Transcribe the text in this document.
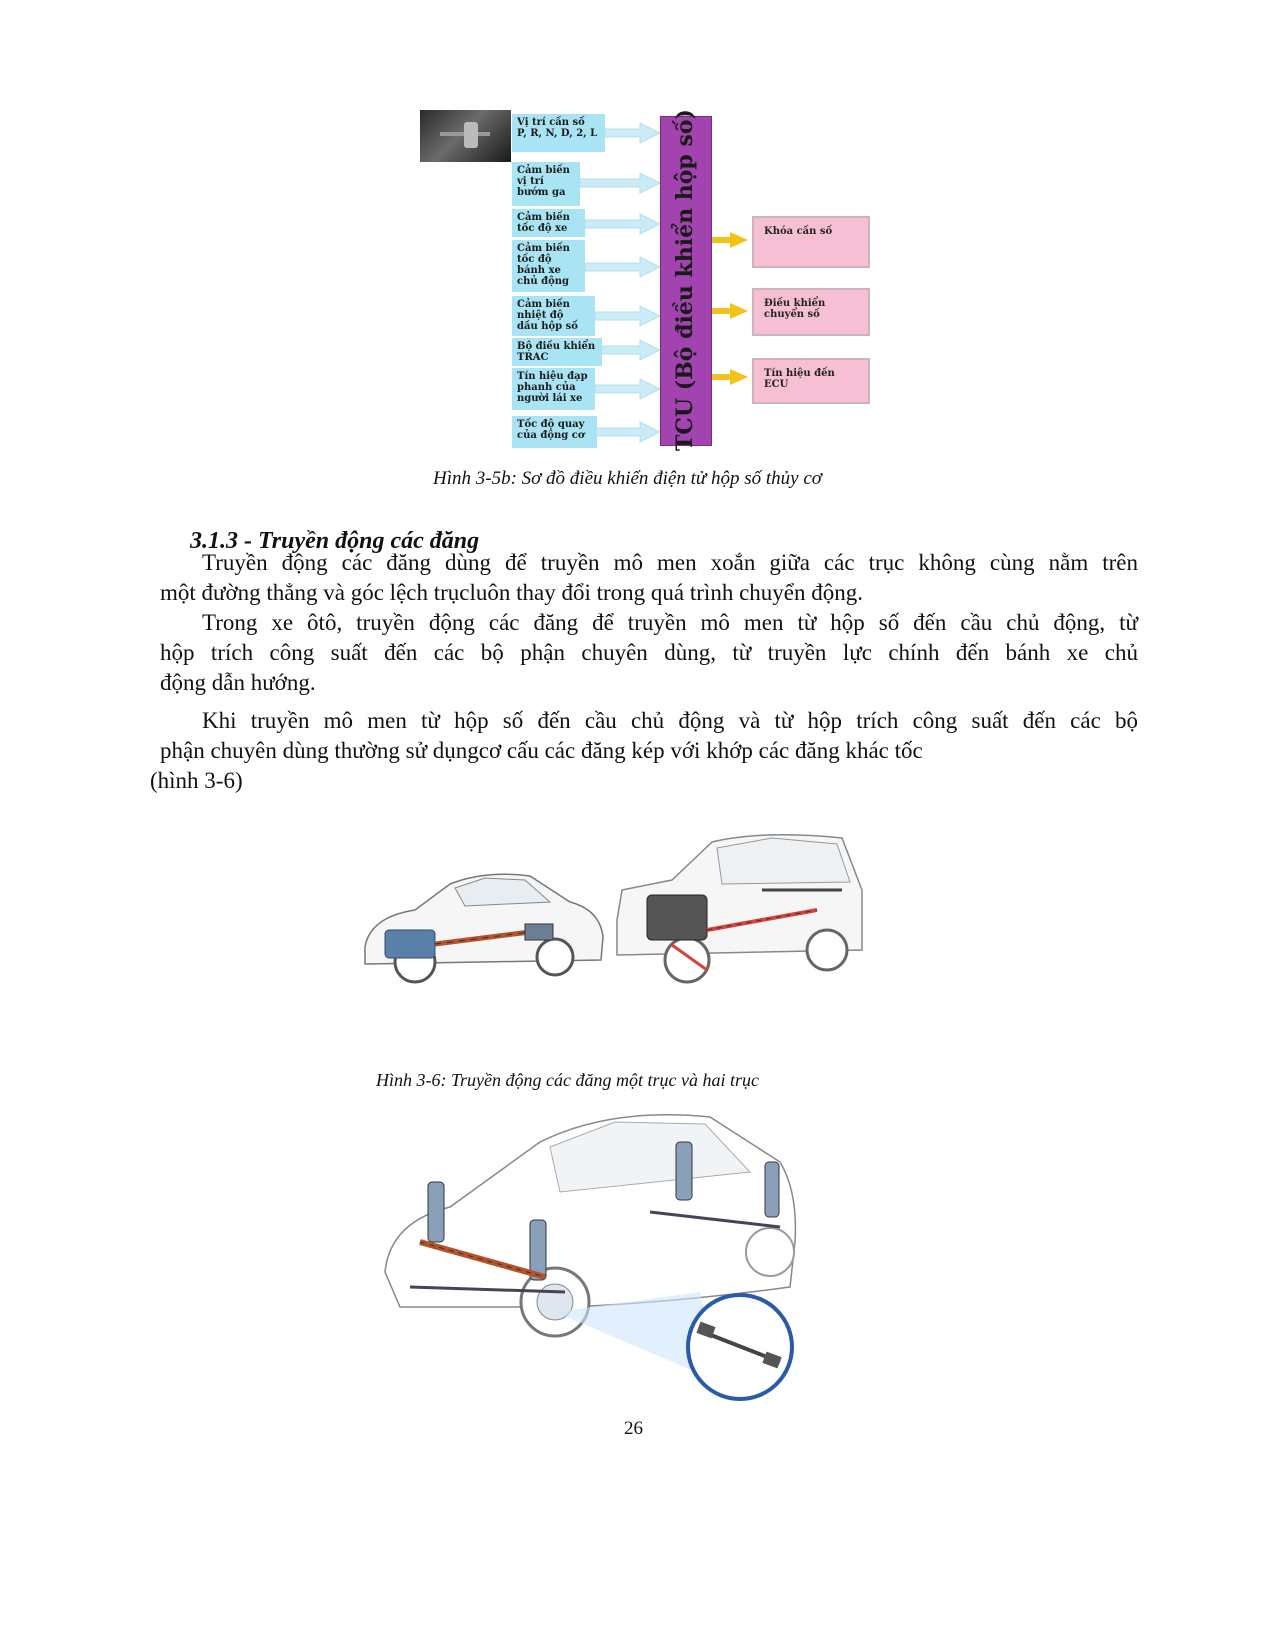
Vị trí cần số
P, R, N, D, 2, L
Cảm biến
vị trí
bướm ga
Cảm biến
tốc độ xe
Cảm biến
tốc độ
bánh xe
chủ động
Cảm biến
nhiệt độ
dầu hộp số
Bộ điều khiển
TRAC
Tín hiệu đạp
phanh của
người lái xe
Tốc độ quay
của động cơ	TCU (Bộ điều khiển hộp số)	Khóa cần số
Điều khiển
chuyển số
Tín hiệu đến
ECU
Hình 3-5b: Sơ đồ điều khiển điện tử hộp số thủy cơ
3.1.3 - Truyền động các đăng
Truyền động các đăng dùng để truyền mô men xoắn giữa các trục không cùng nằm trên
một đường thẳng và góc lệch trụcluôn thay đổi trong quá trình chuyển động.
Trong xe ôtô, truyền động các đăng để truyền mô men từ hộp số đến cầu chủ động, từ
hộp trích công suất đến các bộ phận chuyên dùng, từ truyền lực chính đến bánh xe chủ
động dẫn hướng.
Khi truyền mô men từ hộp số đến cầu chủ động và từ hộp trích công suất đến các bộ
phận chuyên dùng thường sử dụngcơ cấu các đăng kép với khớp các đăng khác tốc
(hình 3-6)
Hình 3-6: Truyền động các đăng một trục và hai trục
26
